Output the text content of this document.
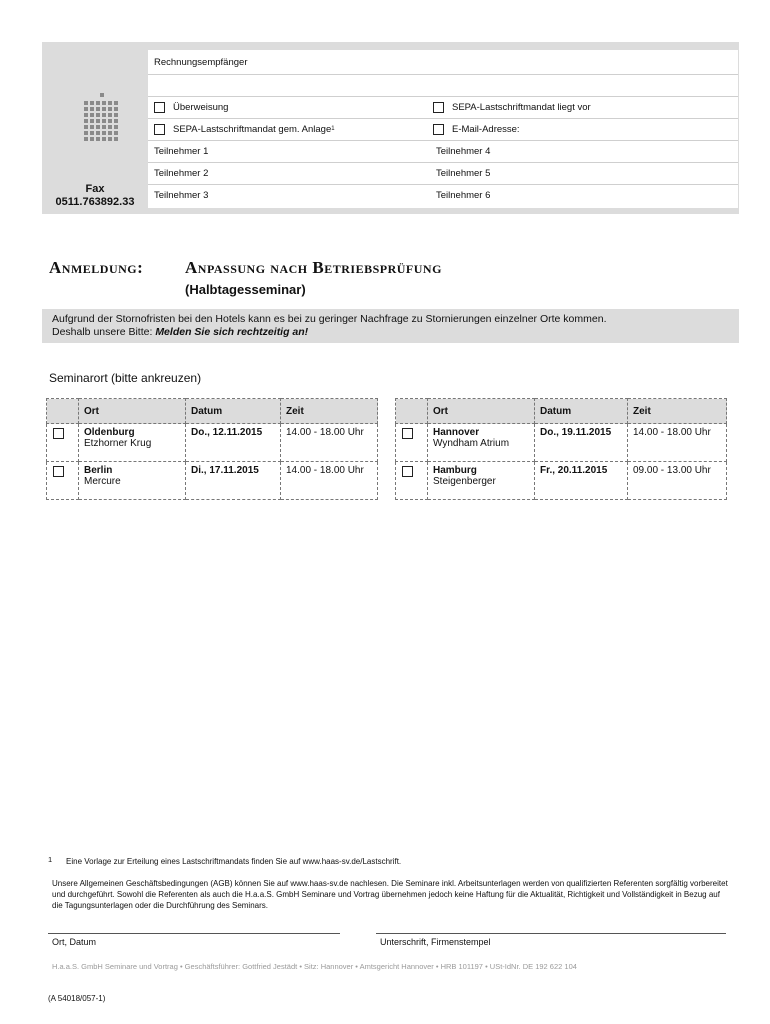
Fax
0511.763892.33
Rechnungsempfänger
Überweisung	SEPA-Lastschriftmandat liegt vor
SEPA-Lastschriftmandat gem. Anlage 1	E-Mail-Adresse:
Teilnehmer 1	Teilnehmer 4
Teilnehmer 2	Teilnehmer 5
Teilnehmer 3	Teilnehmer 6
Anmeldung: Anpassung nach Betriebsprüfung
(Halbtagesseminar)
Aufgrund der Stornofristen bei den Hotels kann es bei zu geringer Nachfrage zu Stornierungen einzelner Orte kommen.
Deshalb unsere Bitte: Melden Sie sich rechtzeitig an!
Seminarort (bitte ankreuzen)
	Ort	Datum	Zeit

	Oldenburg
Etzhorner Krug	Do., 12.11.2015	14.00 - 18.00 Uhr

	Berlin
Mercure	Di., 17.11.2015	14.00 - 18.00 Uhr
	Ort	Datum	Zeit

	Hannover
Wyndham Atrium	Do., 19.11.2015	14.00 - 18.00 Uhr

	Hamburg
Steigenberger	Fr., 20.11.2015	09.00 - 13.00 Uhr
1 Eine Vorlage zur Erteilung eines Lastschriftmandats finden Sie auf www.haas-sv.de/Lastschrift.
Unsere Allgemeinen Geschäftsbedingungen (AGB) können Sie auf www.haas-sv.de nachlesen. Die Seminare inkl. Arbeitsunterlagen werden von qualifizierten Referenten sorgfältig vorbereitet und durchgeführt. Sowohl die Referenten als auch die H.a.a.S. GmbH Seminare und Vortrag übernehmen jedoch keine Haftung für die Aktualität, Richtigkeit und Vollständigkeit in Bezug auf die Tagungsunterlagen oder die Durchführung des Seminars.
Ort, Datum	Unterschrift, Firmenstempel
H.a.a.S. GmbH Seminare und Vortrag • Geschäftsführer: Gottfried Jestädt • Sitz: Hannover • Amtsgericht Hannover • HRB 101197 • USt-IdNr. DE 192 622 104
(A 54018/057-1)
